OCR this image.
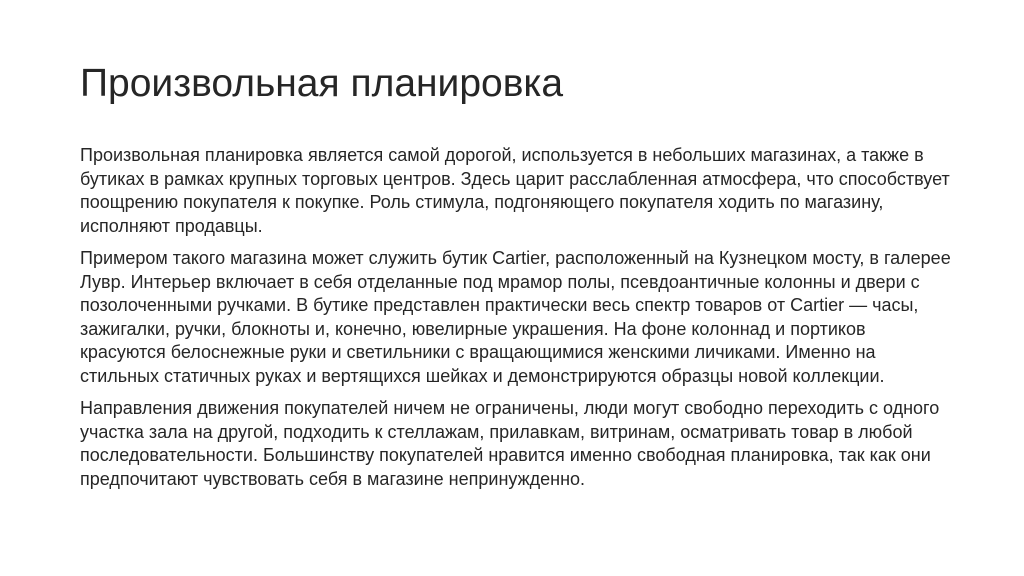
Произвольная планировка

Произвольная планировка является самой дорогой, используется в небольших магазинах, а также в бутиках в рамках крупных торговых центров. Здесь царит расслабленная атмосфера, что способствует поощрению покупателя к покупке. Роль стимула, подгоняющего покупателя ходить по магазину, исполняют продавцы.

Примером такого магазина может служить бутик Cartier, расположенный на Кузнецком мосту, в галерее Лувр. Интерьер включает в себя отделанные под мрамор полы, псевдоантичные колонны и двери с позолоченными ручками. В бутике представлен практически весь спектр товаров от Cartier — часы, зажигалки, ручки, блокноты и, конечно, ювелирные украшения. На фоне колоннад и портиков красуются белоснежные руки и светильники с вращающимися женскими личиками. Именно на стильных статичных руках и вертящихся шейках и демонстрируются образцы новой коллекции.

Направления движения покупателей ничем не ограничены, люди могут свободно переходить с одного участка зала на другой, подходить к стеллажам, прилавкам, витринам, осматривать товар в любой последовательности. Большинству покупателей нравится именно свободная планировка, так как они предпочитают чувствовать себя в магазине непринужденно.
